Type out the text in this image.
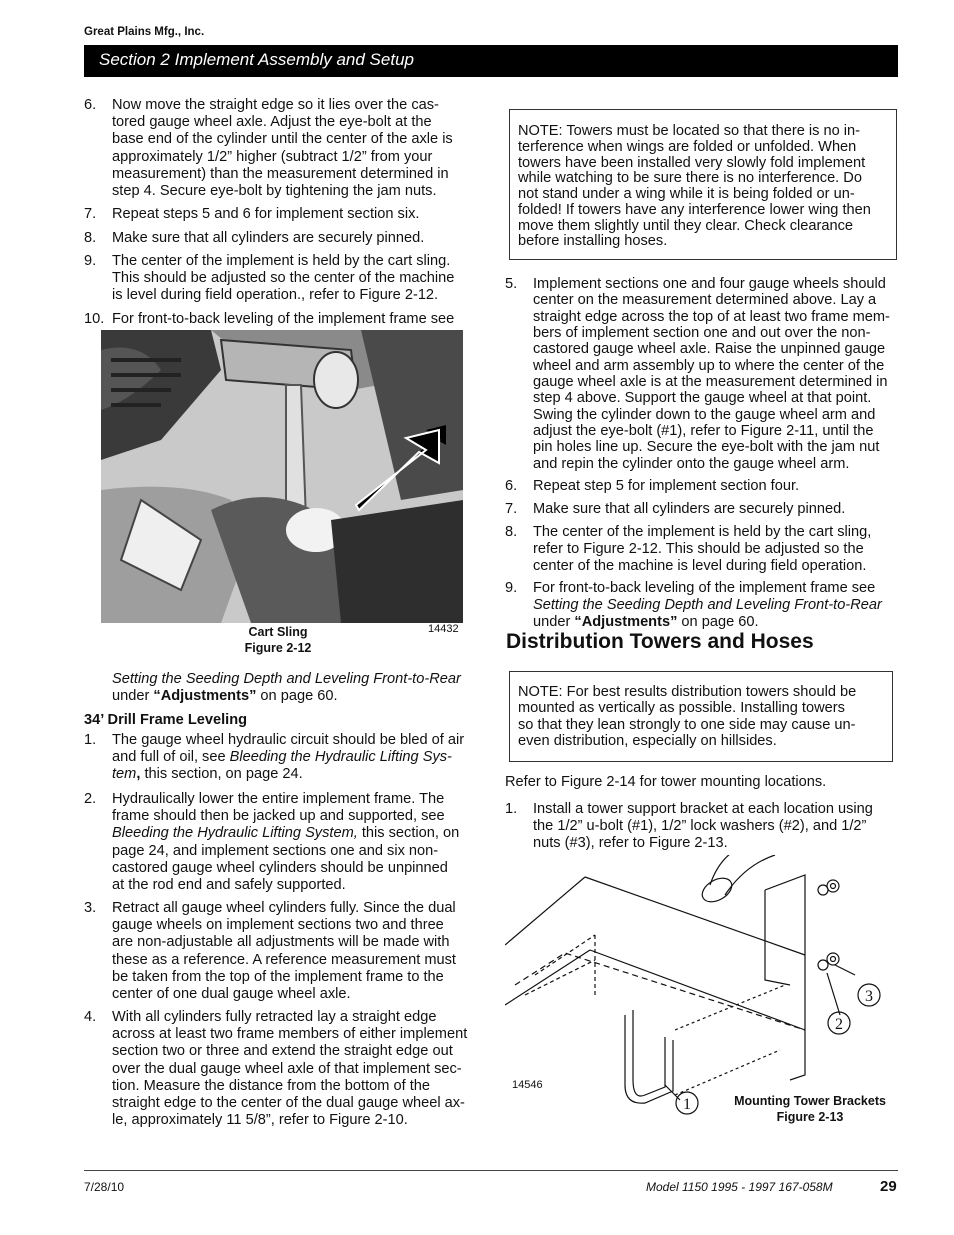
Great Plains Mfg., Inc.
Section 2 Implement Assembly and Setup
6. Now move the straight edge so it lies over the cas-
tored gauge wheel axle. Adjust the eye-bolt at the
base end of the cylinder until the center of the axle is
approximately 1/2” higher (subtract 1/2” from your
measurement) than the measurement determined in
step 4. Secure eye-bolt by tightening the jam nuts.
7. Repeat steps 5 and 6 for implement section six.
8. Make sure that all cylinders are securely pinned.
9. The center of the implement is held by the cart sling.
This should be adjusted so the center of the machine
is level during field operation., refer to Figure 2-12.
10. For front-to-back leveling of the implement frame see
14432
Cart Sling
Figure 2-12
Setting the Seeding Depth and Leveling Front-to-Rear
under “Adjustments” on page 60.
34’ Drill Frame Leveling
1. The gauge wheel hydraulic circuit should be bled of air
and full of oil, see Bleeding the Hydraulic Lifting Sys-
tem, this section, on page 24.
2. Hydraulically lower the entire implement frame. The
frame should then be jacked up and supported, see
Bleeding the Hydraulic Lifting System, this section, on
page 24, and implement sections one and six non-
castored gauge wheel cylinders should be unpinned
at the rod end and safely supported.
3. Retract all gauge wheel cylinders fully. Since the dual
gauge wheels on implement sections two and three
are non-adjustable all adjustments will be made with
these as a reference. A reference measurement must
be taken from the top of the implement frame to the
center of one dual gauge wheel axle.
4. With all cylinders fully retracted lay a straight edge
across at least two frame members of either implement
section two or three and extend the straight edge out
over the dual gauge wheel axle of that implement sec-
tion. Measure the distance from the bottom of the
straight edge to the center of the dual gauge wheel ax-
le, approximately 11 5/8”, refer to Figure 2-10.
NOTE: Towers must be located so that there is no in-
terference when wings are folded or unfolded. When
towers have been installed very slowly fold implement
while watching to be sure there is no interference. Do
not stand under a wing while it is being folded or un-
folded! If towers have any interference lower wing then
move them slightly until they clear. Check clearance
before installing hoses.
5. Implement sections one and four gauge wheels should
center on the measurement determined above. Lay a
straight edge across the top of at least two frame mem-
bers of implement section one and out over the non-
castored gauge wheel axle. Raise the unpinned gauge
wheel and arm assembly up to where the center of the
gauge wheel axle is at the measurement determined in
step 4 above. Support the gauge wheel at that point.
Swing the cylinder down to the gauge wheel arm and
adjust the eye-bolt (#1), refer to Figure 2-11, until the
pin holes line up. Secure the eye-bolt with the jam nut
and repin the cylinder onto the gauge wheel arm.
6. Repeat step 5 for implement section four.
7. Make sure that all cylinders are securely pinned.
8. The center of the implement is held by the cart sling,
refer to Figure 2-12. This should be adjusted so the
center of the machine is level during field operation.
9. For front-to-back leveling of the implement frame see
Setting the Seeding Depth and Leveling Front-to-Rear
under “Adjustments” on page 60.
Distribution Towers and Hoses
NOTE: For best results distribution towers should be
mounted as vertically as possible. Installing towers
so that they lean strongly to one side may cause un-
even distribution, especially on hillsides.
Refer to Figure 2-14 for tower mounting locations.
1. Install a tower support bracket at each location using
the 1/2” u-bolt (#1), 1/2” lock washers (#2), and 1/2”
nuts (#3), refer to Figure 2-13.
3
2
1
14546
Mounting Tower Brackets
Figure 2-13
7/28/10	Model 1150 1995 - 1997 167-058M	29
